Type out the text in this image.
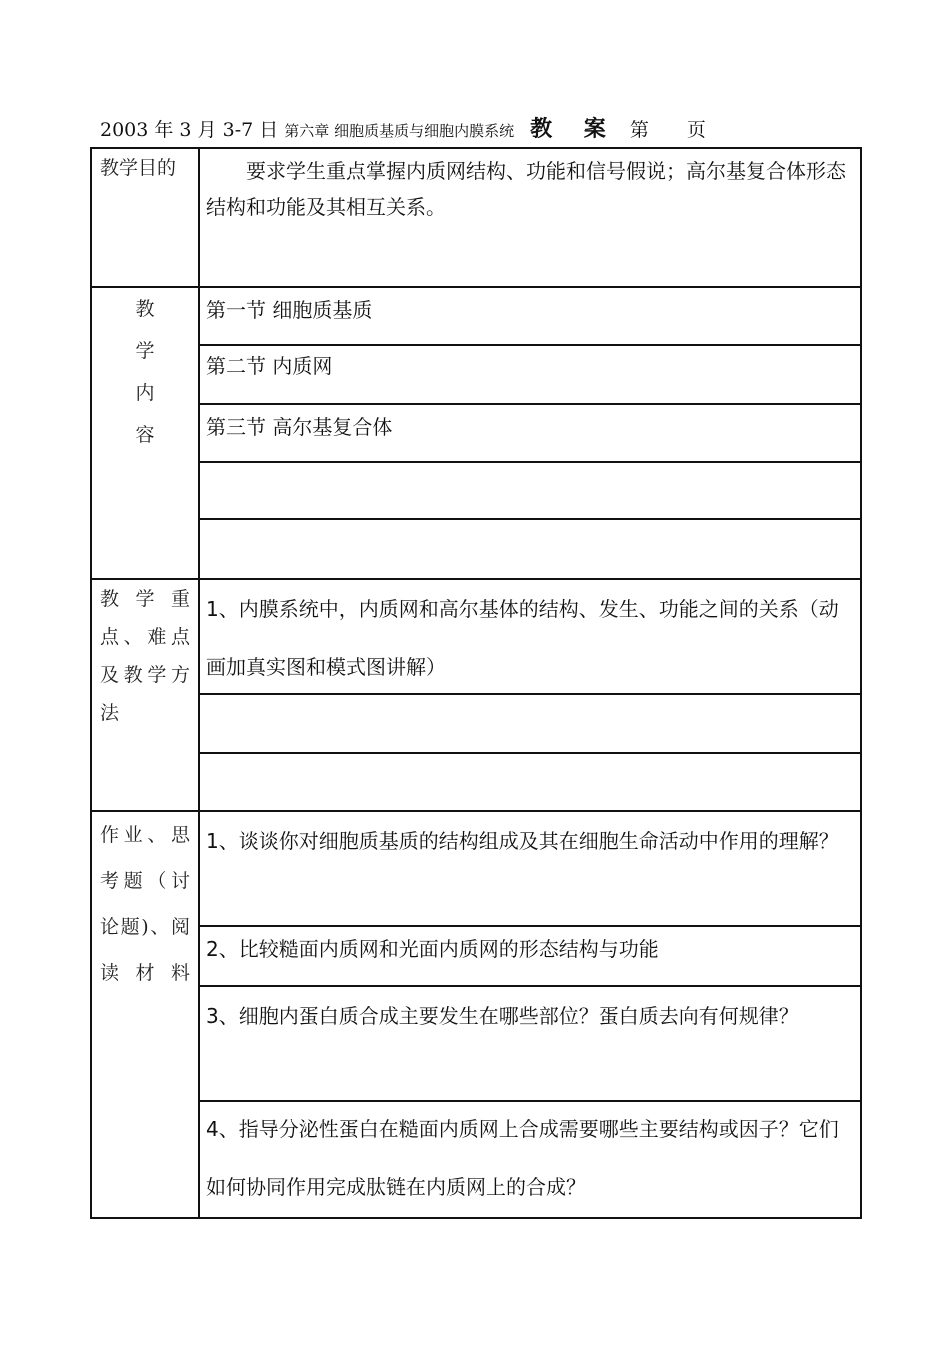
2003 年 3 月 3-7 日 第六章 细胞质基质与细胞内膜系统 教 案 第 页
教学目的	要求学生重点掌握内质网结构、功能和信号假说；高尔基复合体形态结构和功能及其相互关系。
教
学
内
容
第一节 细胞质基质
第二节 内质网
第三节 高尔基复合体
教 学 重 点、难点及教学方法
1、内膜系统中，内质网和高尔基体的结构、发生、功能之间的关系（动画加真实图和模式图讲解）
作业、思考题（讨论题)、阅读材料
1、谈谈你对细胞质基质的结构组成及其在细胞生命活动中作用的理解？
2、比较糙面内质网和光面内质网的形态结构与功能
3、细胞内蛋白质合成主要发生在哪些部位？蛋白质去向有何规律？
4、指导分泌性蛋白在糙面内质网上合成需要哪些主要结构或因子？它们如何协同作用完成肽链在内质网上的合成？
